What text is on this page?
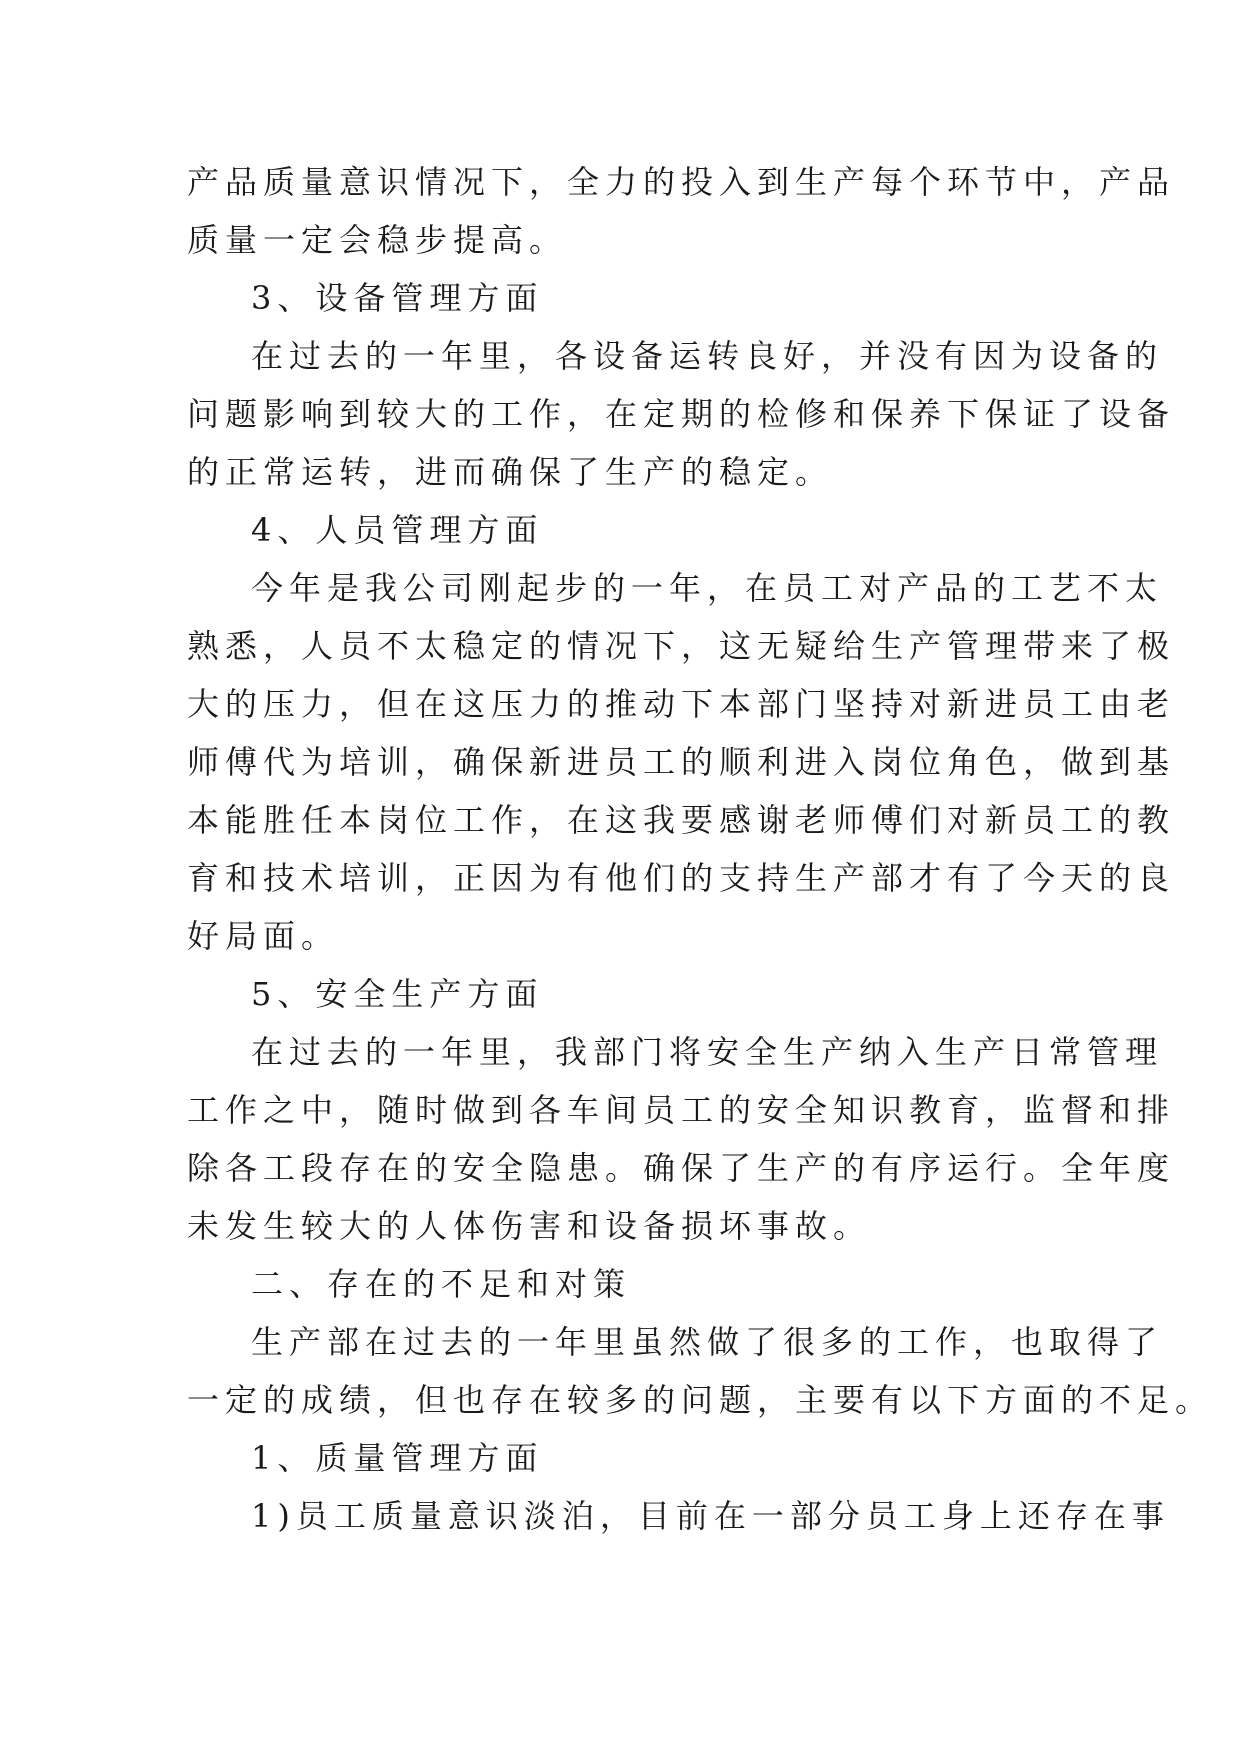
产品质量意识情况下，全力的投入到生产每个环节中，产品
质量一定会稳步提高。
3、设备管理方面
在过去的一年里，各设备运转良好，并没有因为设备的
问题影响到较大的工作，在定期的检修和保养下保证了设备
的正常运转，进而确保了生产的稳定。
4、人员管理方面
今年是我公司刚起步的一年，在员工对产品的工艺不太
熟悉，人员不太稳定的情况下，这无疑给生产管理带来了极
大的压力，但在这压力的推动下本部门坚持对新进员工由老
师傅代为培训，确保新进员工的顺利进入岗位角色，做到基
本能胜任本岗位工作，在这我要感谢老师傅们对新员工的教
育和技术培训，正因为有他们的支持生产部才有了今天的良
好局面。
5、安全生产方面
在过去的一年里，我部门将安全生产纳入生产日常管理
工作之中，随时做到各车间员工的安全知识教育，监督和排
除各工段存在的安全隐患。确保了生产的有序运行。全年度
未发生较大的人体伤害和设备损坏事故。
二、存在的不足和对策
生产部在过去的一年里虽然做了很多的工作，也取得了
一定的成绩，但也存在较多的问题，主要有以下方面的不足。
1、质量管理方面
1)员工质量意识淡泊，目前在一部分员工身上还存在事
